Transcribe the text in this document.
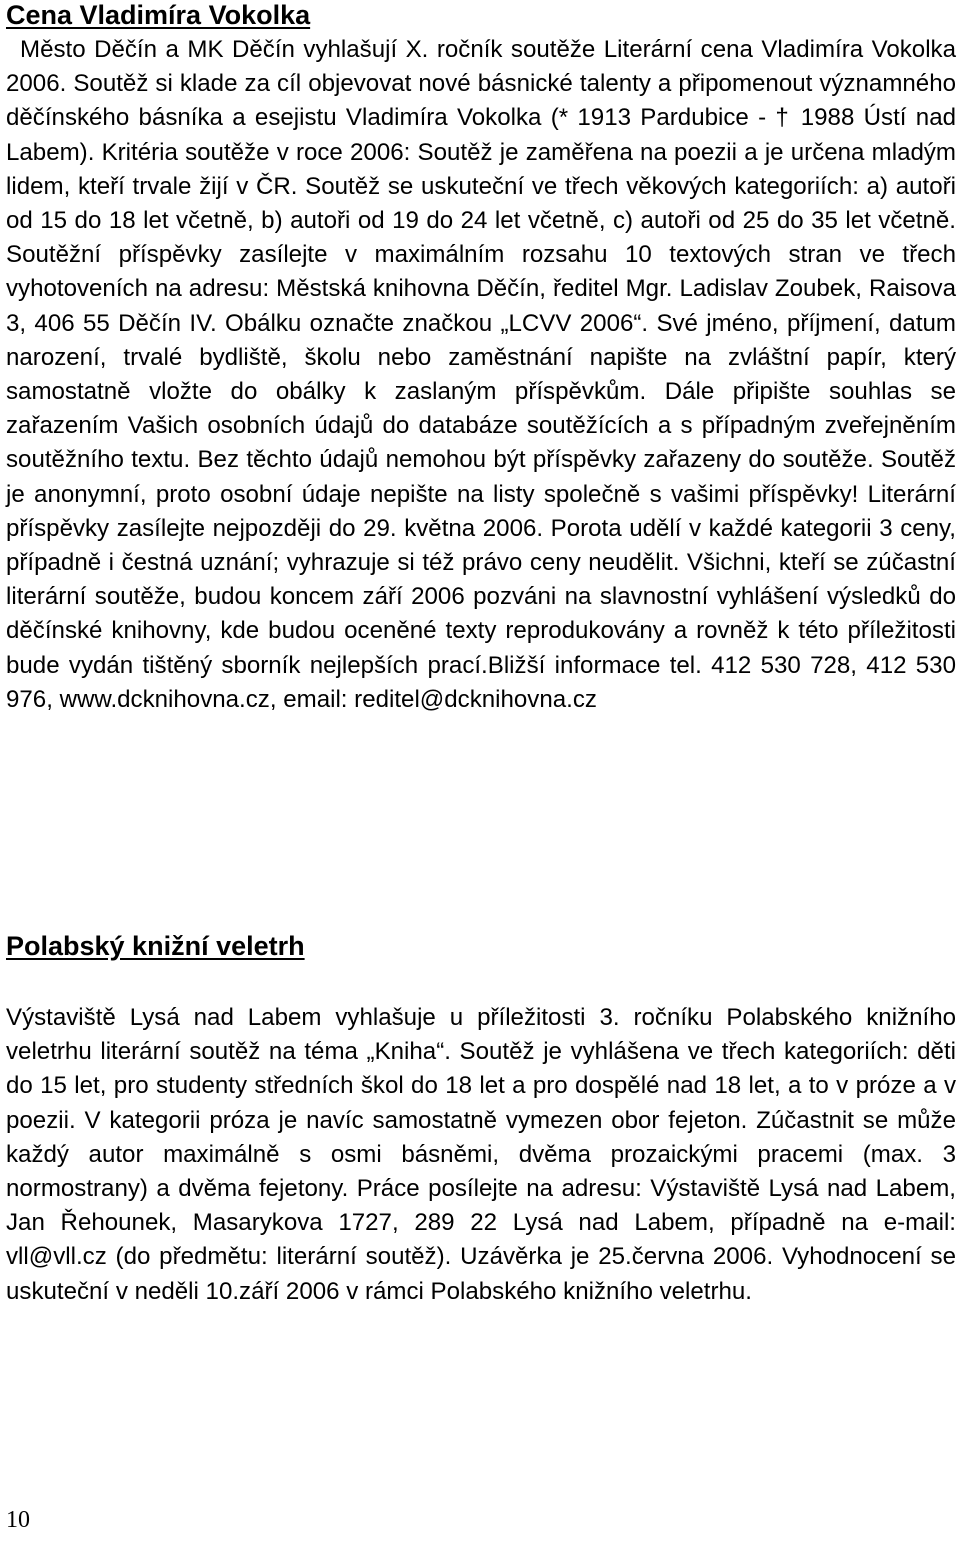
Cena Vladimíra Vokolka

Město Děčín a MK Děčín vyhlašují X. ročník soutěže Literární cena Vladimíra Vokolka 2006. Soutěž si klade za cíl objevovat nové básnické talenty a připomenout významného děčínského básníka a esejistu Vladimíra Vokolka (* 1913 Pardubice - † 1988 Ústí nad Labem). Kritéria soutěže v roce 2006: Soutěž je zaměřena na poezii a je určena mladým lidem, kteří trvale žijí v ČR. Soutěž se uskuteční ve třech věkových kategoriích: a) autoři od 15 do 18 let včetně, b) autoři od 19 do 24 let včetně, c) autoři od 25 do 35 let včetně. Soutěžní příspěvky zasílejte v maximálním rozsahu 10 textových stran ve třech vyhotoveních na adresu: Městská knihovna Děčín, ředitel Mgr. Ladislav Zoubek, Raisova 3, 406 55 Děčín IV. Obálku označte značkou „LCVV 2006“. Své jméno, příjmení, datum narození, trvalé bydliště, školu nebo zaměstnání napište na zvláštní papír, který samostatně vložte do obálky k zaslaným příspěvkům. Dále připište souhlas se zařazením Vašich osobních údajů do databáze soutěžících a s případným zveřejněním soutěžního textu. Bez těchto údajů nemohou být příspěvky zařazeny do soutěže. Soutěž je anonymní, proto osobní údaje nepište na listy společně s vašimi příspěvky! Literární příspěvky zasílejte nejpozději do 29. května 2006. Porota udělí v každé kategorii 3 ceny, případně i čestná uznání; vyhrazuje si též právo ceny neudělit. Všichni, kteří se zúčastní literární soutěže, budou koncem září 2006 pozváni na slavnostní vyhlášení výsledků do děčínské knihovny, kde budou oceněné texty reprodukovány a rovněž k této příležitosti bude vydán tištěný sborník nejlepších prací.Bližší informace tel. 412 530 728, 412 530 976, www.dcknihovna.cz, email: reditel@dcknihovna.cz

Polabský knižní veletrh

Výstaviště Lysá nad Labem vyhlašuje u příležitosti 3. ročníku Polabského knižního veletrhu literární soutěž na téma „Kniha“. Soutěž je vyhlášena ve třech kategoriích: děti do 15 let, pro studenty středních škol do 18 let a pro dospělé nad 18 let, a to v próze a v poezii. V kategorii próza je navíc samostatně vymezen obor fejeton. Zúčastnit se může každý autor maximálně s osmi básněmi, dvěma prozaickými pracemi (max. 3 normostrany) a dvěma fejetony. Práce posílejte na adresu: Výstaviště Lysá nad Labem, Jan Řehounek, Masarykova 1727, 289 22 Lysá nad Labem, případně na e-mail: vll@vll.cz (do předmětu: literární soutěž). Uzávěrka je 25.června 2006. Vyhodnocení se uskuteční v neděli 10.září 2006 v rámci Polabského knižního veletrhu.

10
